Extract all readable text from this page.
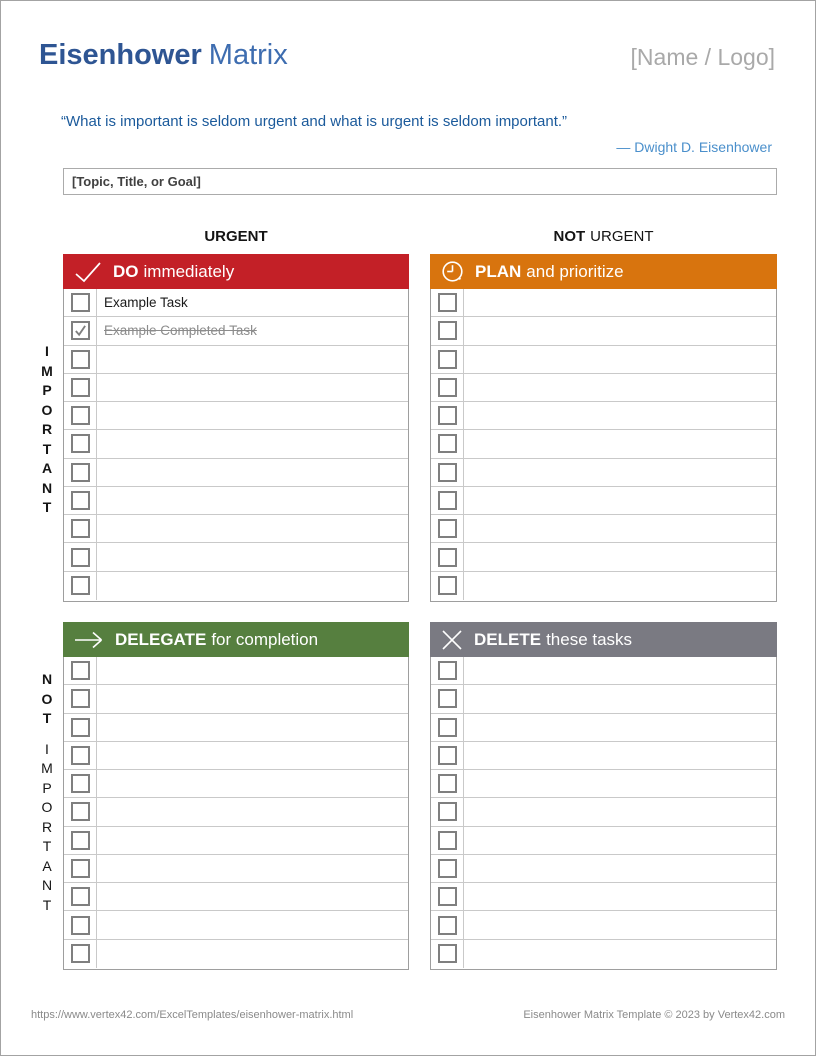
Eisenhower Matrix	[Name / Logo]
“What is important is seldom urgent and what is urgent is seldom important.”
— Dwight D. Eisenhower
[Topic, Title, or Goal]
URGENT	NOT URGENT
I
M
P
O
R
T
A
N
T
N
O
T
I
M
P
O
R
T
A
N
T
DO immediately
Example Task
Example Completed Task
PLAN and prioritize
DELEGATE for completion	DELETE these tasks
https://www.vertex42.com/ExcelTemplates/eisenhower-matrix.html	Eisenhower Matrix Template © 2023 by Vertex42.com
